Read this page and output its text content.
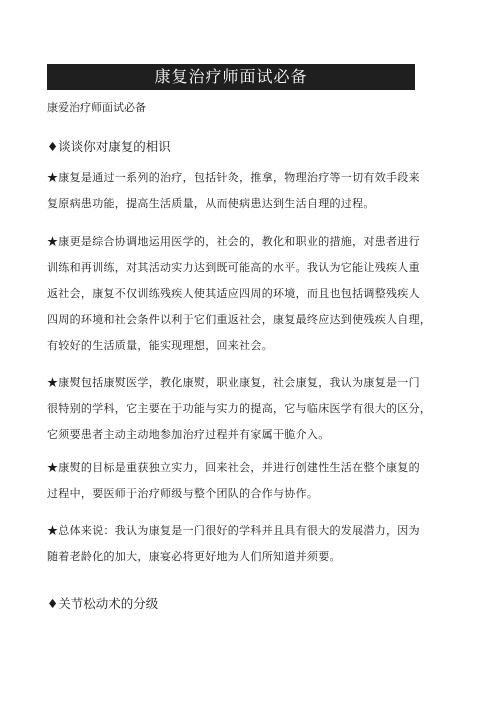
康复治疗师面试必备
康爱治疗师面试必备
♦谈谈你对康复的相识
★康复是通过一系列的治疗，包括针灸，推拿，物理治疗等一切有效手段来
复原病患功能，提高生活质量，从而使病患达到生活自理的过程。
★康更是综合协调地运用医学的，社会的，教化和职业的措施，对患者进行
训练和再训练，对其活动实力达到既可能高的水平。我认为它能让残疾人重
返社会，康复不仅训练残疾人使其适应四周的环境，而且也包括调整残疾人
四周的环境和社会条件以利于它们重返社会，康复最终应达到使残疾人自理，
有较好的生活质量，能实现理想，回来社会。
★康熨包括康熨医学，教化康熨，职业康复，社会康复，我认为康复是一门
很特别的学科，它主要在于功能与实力的提高，它与临床医学有很大的区分，
它须要患者主动主动地参加治疗过程并有家属干脆介入。
★康熨的目标是重获独立实力，回来社会，并进行创建性生活在整个康复的
过程中，要医师于治疗师级与整个团队的合作与协作。
★总体来说：我认为康复是一门很好的学科并且具有很大的发展潜力，因为
随着老龄化的加大，康宴必将更好地为人们所知道并须要。
♦关节松动术的分级
